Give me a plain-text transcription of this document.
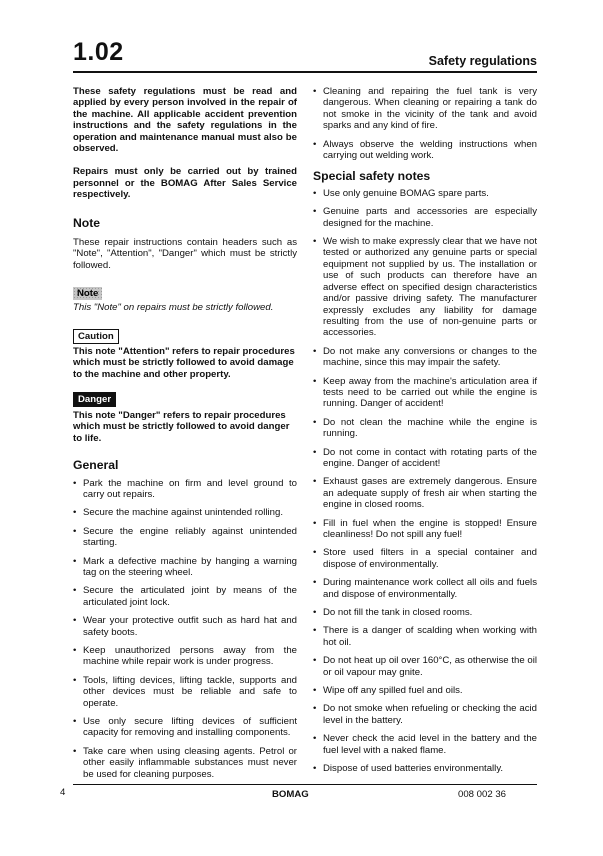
1.02	Safety regulations

These safety regulations must be read and applied by every person involved in the repair of the machine. All applicable accident prevention instructions and the safety regulations in the operation and maintenance manual must also be observed.

Repairs must only be carried out by trained personnel or the BOMAG After Sales Service respectively.

Note

These repair instructions contain headers such as "Note", "Attention", "Danger" which must be strictly followed.

Note

This "Note" on repairs must be strictly followed.

Caution

This note "Attention" refers to repair procedures which must be strictly followed to avoid damage to the machine and other property.

Danger

This note "Danger" refers to repair procedures which must be strictly followed to avoid danger to life.

General
• Park the machine on firm and level ground to carry out repairs.
• Secure the machine against unintended rolling.
• Secure the engine reliably against unintended starting.
• Mark a defective machine by hanging a warning tag on the steering wheel.
• Secure the articulated joint by means of the articulated joint lock.
• Wear your protective outfit such as hard hat and safety boots.
• Keep unauthorized persons away from the machine while repair work is under progress.
• Tools, lifting devices, lifting tackle, supports and other devices must be reliable and safe to operate.
• Use only secure lifting devices of sufficient capacity for removing and installing components.
• Take care when using cleasing agents. Petrol or other easily inflammable substances must never be used for cleaning purposes.
• Cleaning and repairing the fuel tank is very dangerous. When cleaning or repairing a tank do not smoke in the vicinity of the tank and avoid sparks and any kind of fire.
• Always observe the welding instructions when carrying out welding work.
Special safety notes
• Use only genuine BOMAG spare parts.
• Genuine parts and accessories are especially designed for the machine.
• We wish to make expressly clear that we have not tested or authorized any genuine parts or special equipment not supplied by us. The installation or use of such products can therefore have an adverse effect on specified design characteristics and/or passive driving safety. The manufacturer expressly excludes any liability for damage resulting from the use of non-genuine parts or accessories.
• Do not make any conversions or changes to the machine, since this may impair the safety.
• Keep away from the machine's articulation area if tests need to be carried out while the engine is running. Danger of accident!
• Do not clean the machine while the engine is running.
• Do not come in contact with rotating parts of the engine. Danger of accident!
• Exhaust gases are extremely dangerous. Ensure an adequate supply of fresh air when starting the engine in closed rooms.
• Fill in fuel when the engine is stopped! Ensure cleanliness! Do not spill any fuel!
• Store used filters in a special container and dispose of environmentally.
• During maintenance work collect all oils and fuels and dispose of environmentally.
• Do not fill the tank in closed rooms.
• There is a danger of scalding when working with hot oil.
• Do not heat up oil over 160°C, as otherwise the oil or oil vapour may gnite.
• Wipe off any spilled fuel and oils.
• Do not smoke when refueling or checking the acid level in the battery.
• Never check the acid level in the battery and the fuel level with a naked flame.
• Dispose of used batteries environmentally.
4	BOMAG	008 002 36
